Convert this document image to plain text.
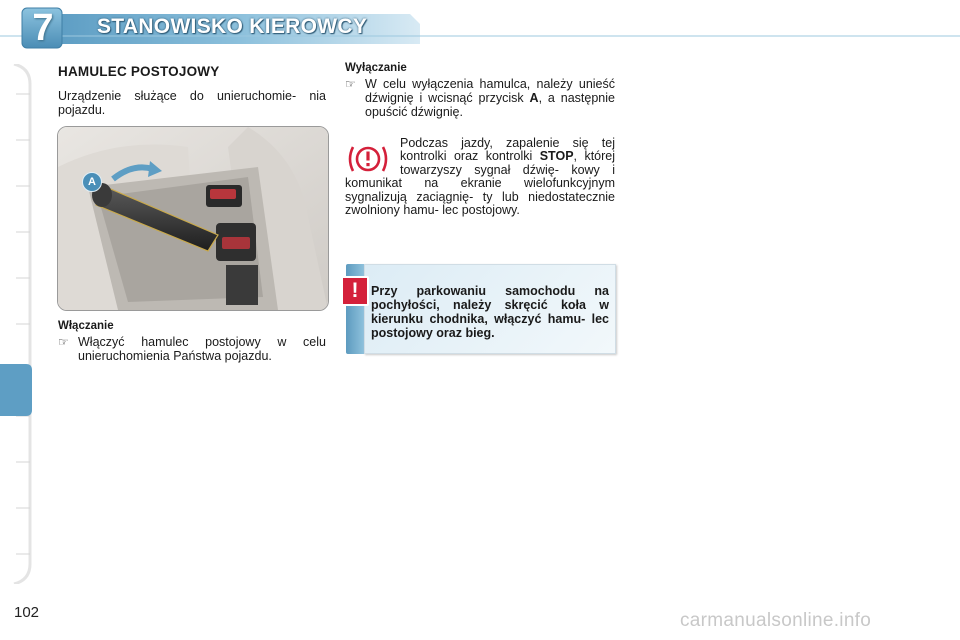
7	STANOWISKO KIEROWCY
HAMULEC POSTOJOWY
Urządzenie służące do unieruchomie- nia pojazdu.
A
Włączanie
☞ Włączyć hamulec postojowy w celu unieruchomienia Państwa pojazdu.
Wyłączanie
☞ W celu wyłączenia hamulca, należy unieść dźwignię i wcisnąć przycisk A, a następnie opuścić dźwignię.
Podczas jazdy, zapalenie się tej kontrolki oraz kontrolki STOP, której towarzyszy sygnał dźwię- kowy i komunikat na ekranie wielofunkcyjnym sygnalizują zaciągnię- ty lub niedostatecznie zwolniony hamu- lec postojowy.
!	Przy parkowaniu samochodu na pochyłości, należy skręcić koła w kierunku chodnika, włączyć hamu- lec postojowy oraz bieg.
102	carmanualsonline.info
